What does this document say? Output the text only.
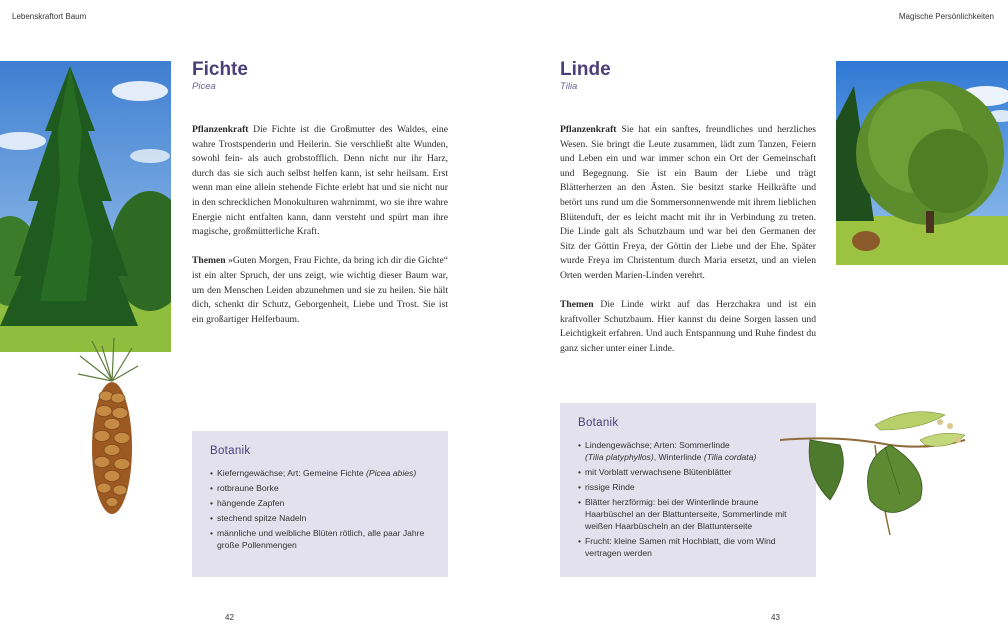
Lebenskraftort Baum	Magische Persönlichkeiten
Fichte
Picea

Pflanzenkraft Die Fichte ist die Großmutter des Waldes, eine wahre Trostspenderin und Heilerin. Sie verschließt alte Wunden, sowohl fein- als auch grobstofflich. Denn nicht nur ihr Harz, durch das sie sich auch selbst helfen kann, ist sehr heilsam. Erst wenn man eine allein stehende Fichte erlebt hat und sie nicht nur in den schrecklichen Monokulturen wahrnimmt, wo sie ihre wahre Energie nicht entfalten kann, dann versteht und spürt man ihre magische, großmütterliche Kraft.

Themen »Guten Morgen, Frau Fichte, da bring ich dir die Gichte“ ist ein alter Spruch, der uns zeigt, wie wichtig dieser Baum war, um den Menschen Leiden abzunehmen und sie zu heilen. Sie hält dich, schenkt dir Schutz, Geborgenheit, Liebe und Trost. Sie ist ein großartiger Helferbaum.

Botanik
• Kieferngewächse; Art: Gemeine Fichte (Picea abies)
• rotbraune Borke
• hängende Zapfen
• stechend spitze Nadeln
• männliche und weibliche Blüten rötlich, alle paar Jahre große Pollenmengen
42
Linde
Tilia

Pflanzenkraft Sie hat ein sanftes, freundliches und herzliches Wesen. Sie bringt die Leute zusammen, lädt zum Tanzen, Feiern und Leben ein und war immer schon ein Ort der Gemeinschaft und Begegnung. Sie ist ein Baum der Liebe und trägt Blätterherzen an den Ästen. Sie besitzt starke Heilkräfte und betört uns rund um die Sommersonnenwende mit ihrem lieblichen Blütenduft, der es leicht macht mit ihr in Verbindung zu treten. Die Linde galt als Schutzbaum und war bei den Germanen der Sitz der Göttin Freya, der Göttin der Liebe und der Ehe. Später wurde Freya im Christentum durch Maria ersetzt, und an vielen Orten werden Marien-Linden verehrt.

Themen Die Linde wirkt auf das Herzchakra und ist ein kraftvoller Schutzbaum. Hier kannst du deine Sorgen lassen und Leichtigkeit erfahren. Und auch Entspannung und Ruhe findest du ganz sicher unter einer Linde.

Botanik
• Lindengewächse; Arten: Sommerlinde
(Tilia platyphyllos), Winterlinde (Tilia cordata)
• mit Vorblatt verwachsene Blütenblätter
• rissige Rinde
• Blätter herzförmig: bei der Winterlinde braune Haarbüschel an der Blattunterseite, Sommerlinde mit weißen Haarbüscheln an der Blattunterseite
• Frucht: kleine Samen mit Hochblatt, die vom Wind vertragen werden
43
